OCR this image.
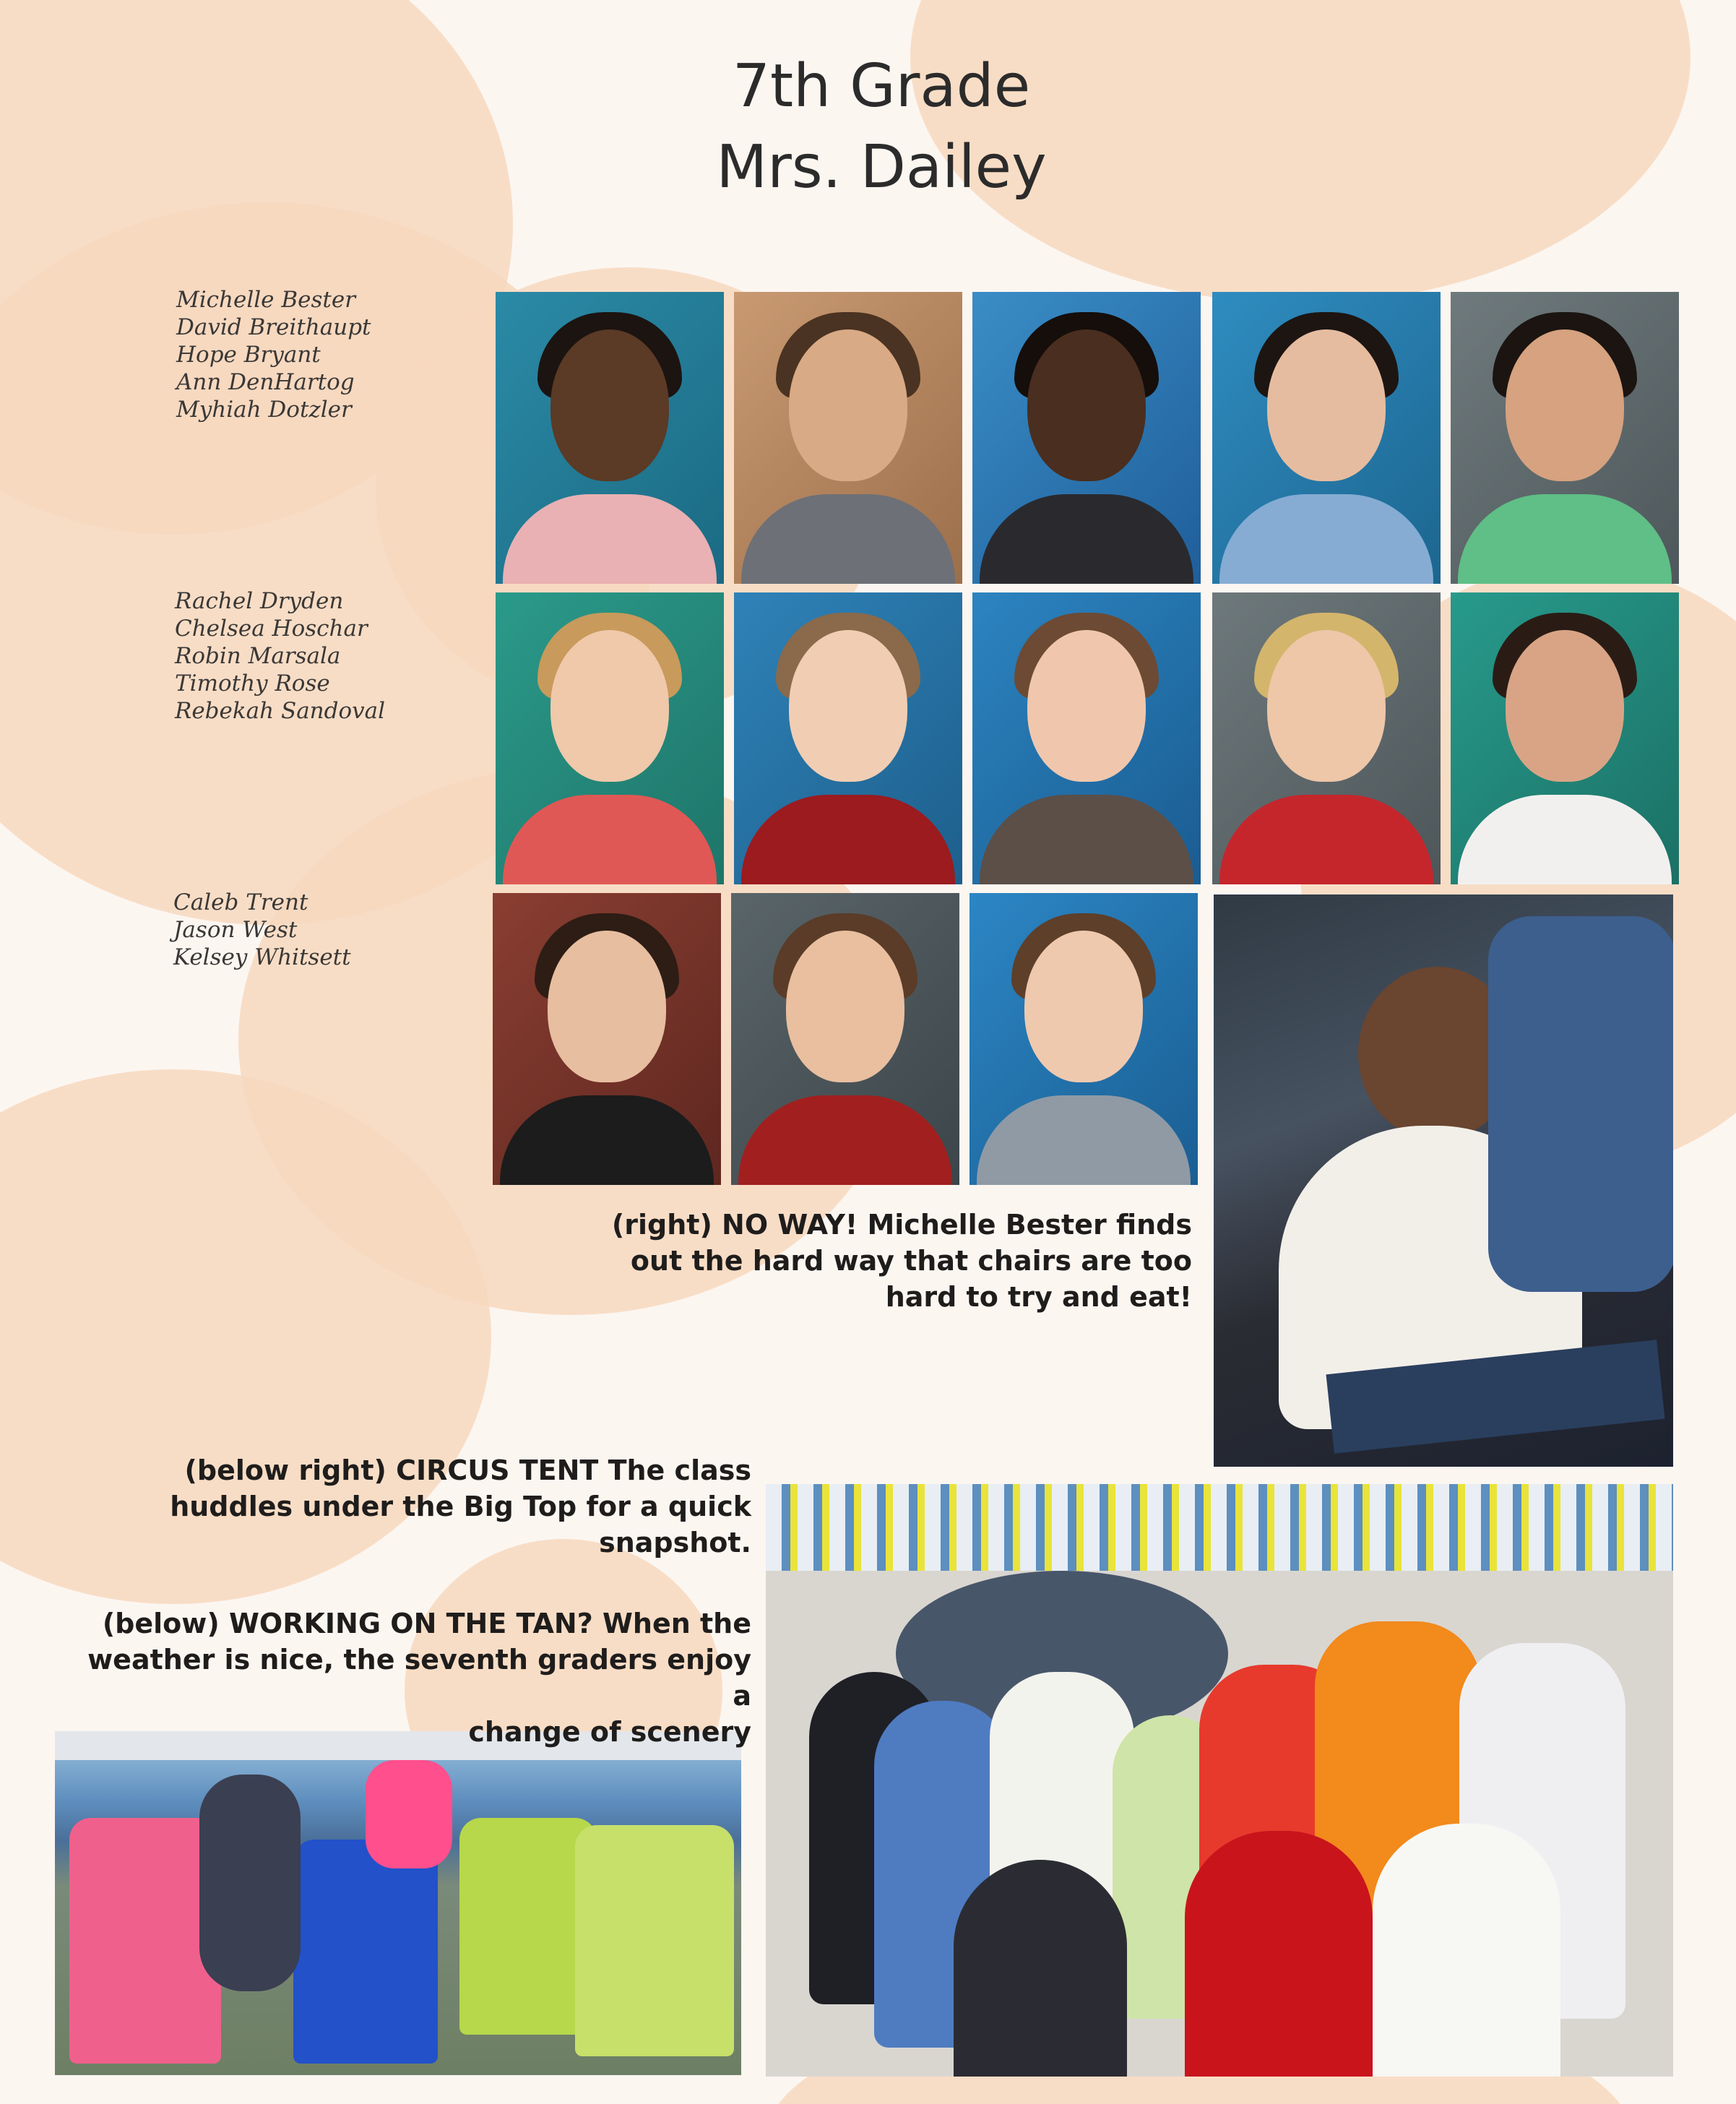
7th Grade
Mrs. Dailey
Michelle Bester
David Breithaupt
Hope Bryant
Ann DenHartog
Myhiah Dotzler
Rachel Dryden
Chelsea Hoschar
Robin Marsala
Timothy Rose
Rebekah Sandoval
Caleb Trent
Jason West
Kelsey Whitsett
(right) NO WAY! Michelle Bester finds
out the hard way that chairs are too
hard to try and eat!
(below right) CIRCUS TENT The class
huddles under the Big Top for a quick
snapshot.
(below) WORKING ON THE TAN? When the
weather is nice, the seventh graders enjoy a
change of scenery
